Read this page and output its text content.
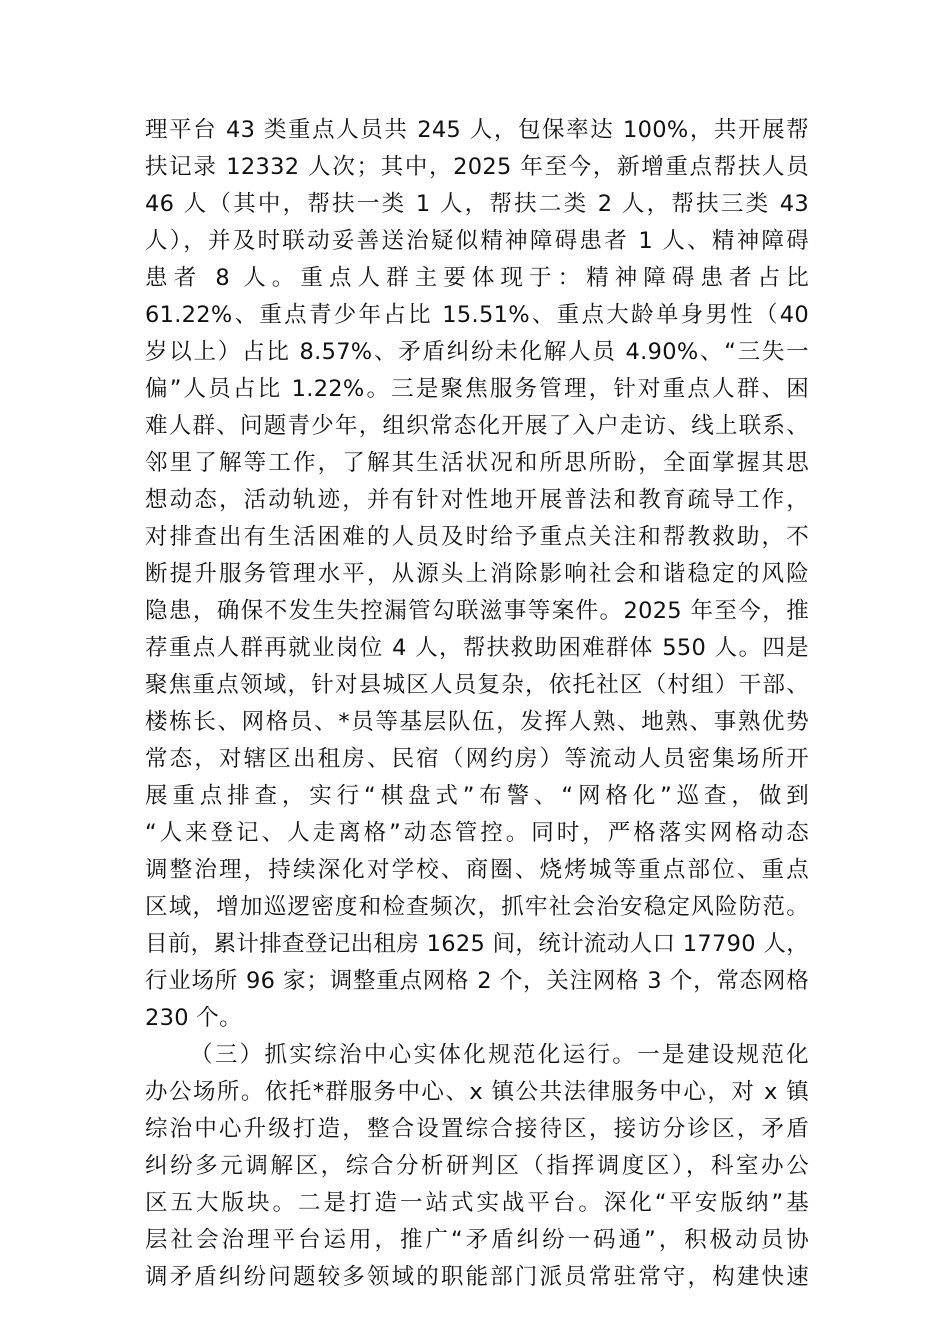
理平台 43 类重点人员共 245 人，包保率达 100%，共开展帮
扶记录 12332 人次；其中，2025 年至今，新增重点帮扶人员
46 人（其中，帮扶一类 1 人，帮扶二类 2 人，帮扶三类 43
人），并及时联动妥善送治疑似精神障碍患者 1 人、精神障碍
患者 8 人。重点人群主要体现于：精神障碍患者占比
61.22%、重点青少年占比 15.51%、重点大龄单身男性（40
岁以上）占比 8.57%、矛盾纠纷未化解人员 4.90%、“三失一
偏”人员占比 1.22%。三是聚焦服务管理，针对重点人群、困
难人群、问题青少年，组织常态化开展了入户走访、线上联系、
邻里了解等工作，了解其生活状况和所思所盼，全面掌握其思
想动态，活动轨迹，并有针对性地开展普法和教育疏导工作，
对排查出有生活困难的人员及时给予重点关注和帮教救助，不
断提升服务管理水平，从源头上消除影响社会和谐稳定的风险
隐患，确保不发生失控漏管勾联滋事等案件。2025 年至今，推
荐重点人群再就业岗位 4 人，帮扶救助困难群体 550 人。四是
聚焦重点领域，针对县城区人员复杂，依托社区（村组）干部、
楼栋长、网格员、*员等基层队伍，发挥人熟、地熟、事熟优势
常态，对辖区出租房、民宿（网约房）等流动人员密集场所开
展重点排查，实行“棋盘式”布警、“网格化”巡查，做到
“人来登记、人走离格”动态管控。同时，严格落实网格动态
调整治理，持续深化对学校、商圈、烧烤城等重点部位、重点
区域，增加巡逻密度和检查频次，抓牢社会治安稳定风险防范。
目前，累计排查登记出租房 1625 间，统计流动人口 17790 人，
行业场所 96 家；调整重点网格 2 个，关注网格 3 个，常态网格
230 个。
（三）抓实综治中心实体化规范化运行。一是建设规范化
办公场所。依托*群服务中心、x 镇公共法律服务中心，对 x 镇
综治中心升级打造，整合设置综合接待区，接访分诊区，矛盾
纠纷多元调解区，综合分析研判区（指挥调度区），科室办公
区五大版块。二是打造一站式实战平台。深化“平安版纳”基
层社会治理平台运用，推广“矛盾纠纷一码通”，积极动员协
调矛盾纠纷问题较多领域的职能部门派员常驻常守，构建快速
